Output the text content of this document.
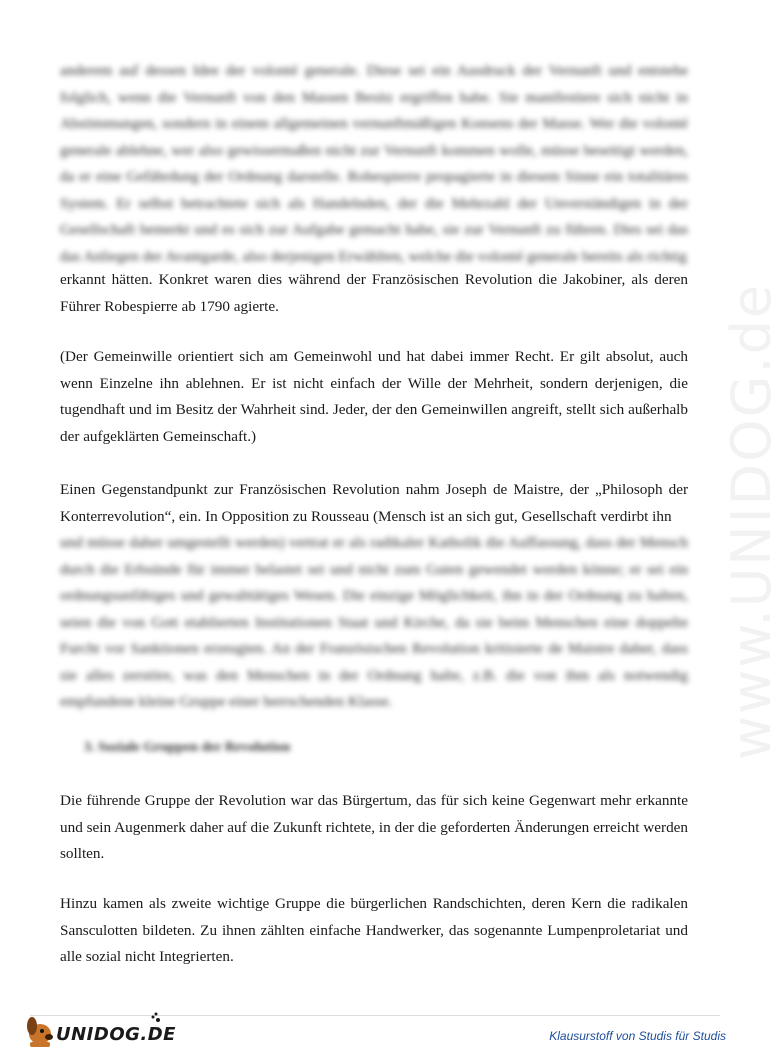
www.UNIDOG.de

anderem auf dessen Idee der volonté generale. Diese sei ein Ausdruck der Vernunft und entstehe folglich, wenn die Vernunft von den Massen Besitz ergriffen habe. Sie manifestiere sich nicht in Abstimmungen, sondern in einem allgemeinen vernunftmäßigen Konsens der Masse. Wer die volonté generale ablehne, wer also gewissermaßen nicht zur Vernunft kommen wolle, müsse beseitigt werden, da er eine Gefährdung der Ordnung darstelle. Robespierre propagierte in diesem Sinne ein totalitäres System. Er selbst betrachtete sich als Handelnden, der die Mehrzahl der Unverständigen in der Gesellschaft bemerkt und es sich zur Aufgabe gemacht habe, sie zur Vernunft zu führen. Dies sei das das Anliegen der Avantgarde, also derjenigen Erwählten, welche die volonté generale bereits als richtig

erkannt hätten. Konkret waren dies während der Französischen Revolution die Jakobiner, als deren Führer Robespierre ab 1790 agierte.

(Der Gemeinwille orientiert sich am Gemeinwohl und hat dabei immer Recht. Er gilt absolut, auch wenn Einzelne ihn ablehnen. Er ist nicht einfach der Wille der Mehrheit, sondern derjenigen, die tugendhaft und im Besitz der Wahrheit sind. Jeder, der den Gemeinwillen angreift, stellt sich außerhalb der aufgeklärten Gemeinschaft.)

Einen Gegenstandpunkt zur Französischen Revolution nahm Joseph de Maistre, der „Philosoph der Konterrevolution“, ein. In Opposition zu Rousseau (Mensch ist an sich gut, Gesellschaft verdirbt ihn

und müsse daher umgestellt werden) vertrat er als radikaler Katholik die Auffassung, dass der Mensch durch die Erbsünde für immer belastet sei und nicht zum Guten gewendet werden könne; er sei ein ordnungsunfähiges und gewalttätiges Wesen. Die einzige Möglichkeit, ihn in der Ordnung zu halten, seien die von Gott etablierten Institutionen Staat und Kirche, da sie beim Menschen eine doppelte Furcht vor Sanktionen erzeugten. An der Französischen Revolution kritisierte de Maistre daher, dass sie alles zerstöre, was den Menschen in der Ordnung halte, z.B. die von ihm als notwendig empfundene kleine Gruppe einer herrschenden Klasse.

3. Soziale Gruppen der Revolution

Die führende Gruppe der Revolution war das Bürgertum, das für sich keine Gegenwart mehr erkannte und sein Augenmerk daher auf die Zukunft richtete, in der die geforderten Änderungen erreicht werden sollten.

Hinzu kamen als zweite wichtige Gruppe die bürgerlichen Randschichten, deren Kern die radikalen Sansculotten bildeten. Zu ihnen zählten einfache Handwerker, das sogenannte Lumpenproletariat und alle sozial nicht Integrierten.

UNIDOG.DE	Klausurstoff von Studis für Studis
